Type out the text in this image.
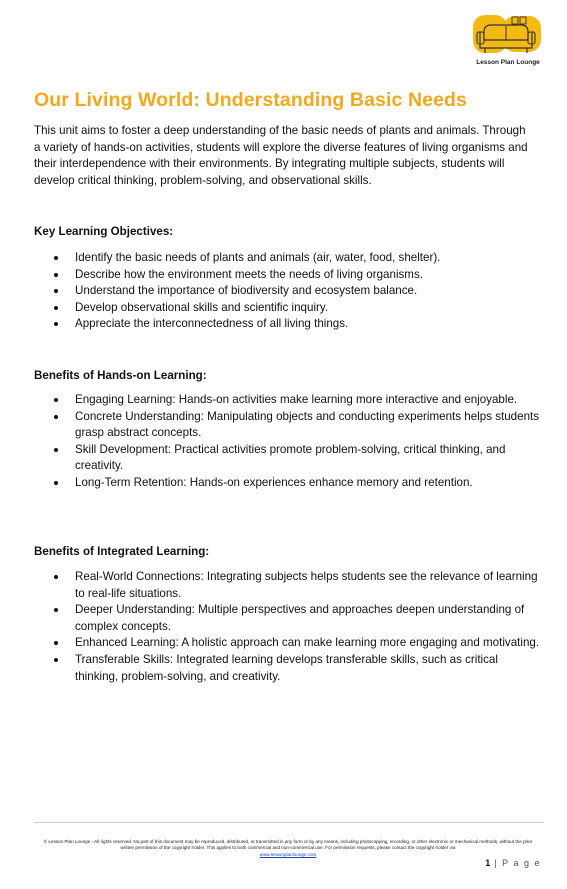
Lesson Plan Lounge
Our Living World: Understanding Basic Needs

This unit aims to foster a deep understanding of the basic needs of plants and animals. Through a variety of hands-on activities, students will explore the diverse features of living organisms and their interdependence with their environments. By integrating multiple subjects, students will develop critical thinking, problem-solving, and observational skills.

Key Learning Objectives:
Identify the basic needs of plants and animals (air, water, food, shelter).
Describe how the environment meets the needs of living organisms.
Understand the importance of biodiversity and ecosystem balance.
Develop observational skills and scientific inquiry.
Appreciate the interconnectedness of all living things.
Benefits of Hands-on Learning:
Engaging Learning: Hands-on activities make learning more interactive and enjoyable.
Concrete Understanding: Manipulating objects and conducting experiments helps students grasp abstract concepts.
Skill Development: Practical activities promote problem-solving, critical thinking, and creativity.
Long-Term Retention: Hands-on experiences enhance memory and retention.
Benefits of Integrated Learning:
Real-World Connections: Integrating subjects helps students see the relevance of learning to real-life situations.
Deeper Understanding: Multiple perspectives and approaches deepen understanding of complex concepts.
Enhanced Learning: A holistic approach can make learning more engaging and motivating.
Transferable Skills: Integrated learning develops transferable skills, such as critical thinking, problem-solving, and creativity.

© Lesson Plan Lounge - All rights reserved. No part of this document may be reproduced, distributed, or transmitted in any form or by any means, including photocopying, recording, or other electronic or mechanical methods, without the prior written permission of the copyright holder. This applies to both commercial and non-commercial use. For permission requests, please contact the copyright holder via
www.lessonplanlounge.com

1 | P a g e
